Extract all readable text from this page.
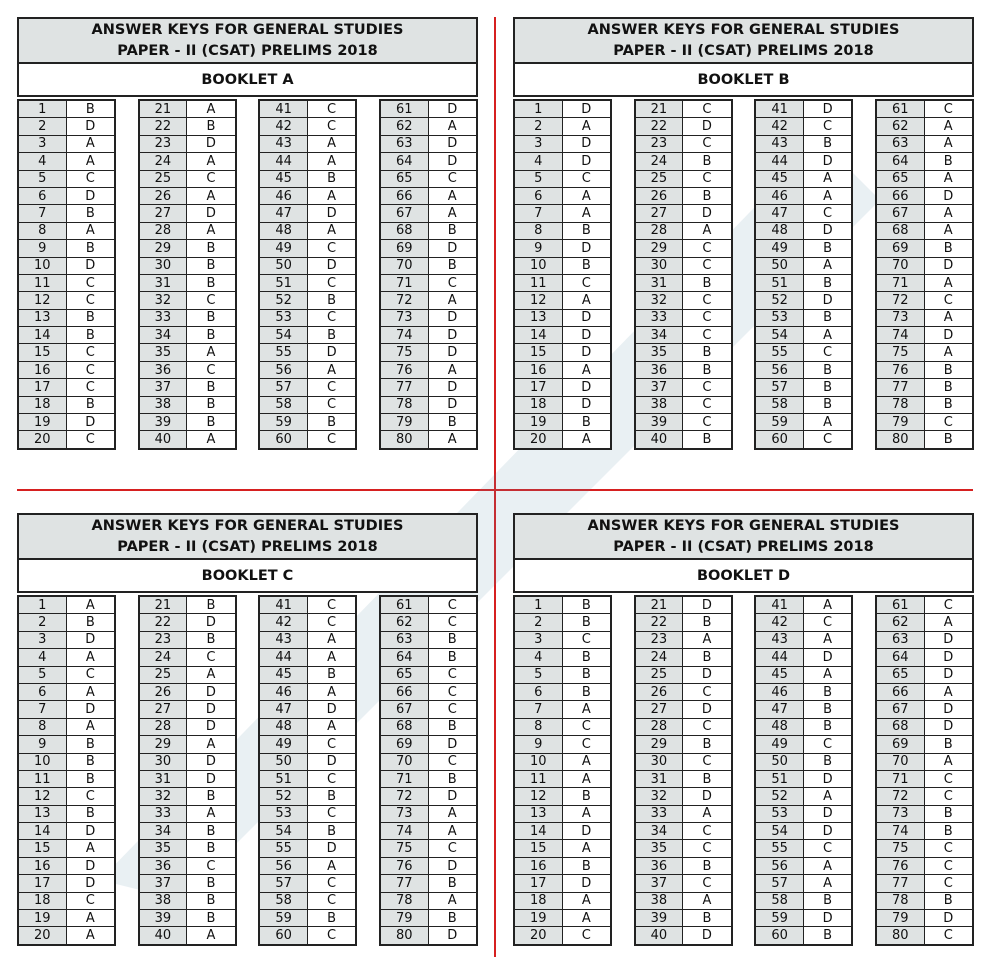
ANSWER KEYS FOR GENERAL STUDIES
PAPER - II (CSAT) PRELIMS 2018
BOOKLET A
1	B
2	D
3	A
4	A
5	C
6	D
7	B
8	A
9	B
10	D
11	C
12	C
13	B
14	B
15	C
16	C
17	C
18	B
19	D
20	C
21	A
22	B
23	D
24	A
25	C
26	A
27	D
28	A
29	B
30	B
31	B
32	C
33	B
34	B
35	A
36	C
37	B
38	B
39	B
40	A
41	C
42	C
43	A
44	A
45	B
46	A
47	D
48	A
49	C
50	D
51	C
52	B
53	C
54	B
55	D
56	A
57	C
58	C
59	B
60	C
61	D
62	A
63	D
64	D
65	C
66	A
67	A
68	B
69	D
70	B
71	C
72	A
73	D
74	D
75	D
76	A
77	D
78	D
79	B
80	A
ANSWER KEYS FOR GENERAL STUDIES
PAPER - II (CSAT) PRELIMS 2018
BOOKLET B
1	D
2	A
3	D
4	D
5	C
6	A
7	A
8	B
9	D
10	B
11	C
12	A
13	D
14	D
15	D
16	A
17	D
18	D
19	B
20	A
21	C
22	D
23	C
24	B
25	C
26	B
27	D
28	A
29	C
30	C
31	B
32	C
33	C
34	C
35	B
36	B
37	C
38	C
39	C
40	B
41	D
42	C
43	B
44	D
45	A
46	A
47	C
48	D
49	B
50	A
51	B
52	D
53	B
54	A
55	C
56	B
57	B
58	B
59	A
60	C
61	C
62	A
63	A
64	B
65	A
66	D
67	A
68	A
69	B
70	D
71	A
72	C
73	A
74	D
75	A
76	B
77	B
78	B
79	C
80	B
ANSWER KEYS FOR GENERAL STUDIES
PAPER - II (CSAT) PRELIMS 2018
BOOKLET C
1	A
2	B
3	D
4	A
5	C
6	A
7	D
8	A
9	B
10	B
11	B
12	C
13	B
14	D
15	A
16	D
17	D
18	C
19	A
20	A
21	B
22	D
23	B
24	C
25	A
26	D
27	D
28	D
29	A
30	D
31	D
32	B
33	A
34	B
35	B
36	C
37	B
38	B
39	B
40	A
41	C
42	C
43	A
44	A
45	B
46	A
47	D
48	A
49	C
50	D
51	C
52	B
53	C
54	B
55	D
56	A
57	C
58	C
59	B
60	C
61	C
62	C
63	B
64	B
65	C
66	C
67	C
68	B
69	D
70	C
71	B
72	D
73	A
74	A
75	C
76	D
77	B
78	A
79	B
80	D
ANSWER KEYS FOR GENERAL STUDIES
PAPER - II (CSAT) PRELIMS 2018
BOOKLET D
1	B
2	B
3	C
4	B
5	B
6	B
7	A
8	C
9	C
10	A
11	A
12	B
13	A
14	D
15	A
16	B
17	D
18	A
19	A
20	C
21	D
22	B
23	A
24	B
25	D
26	C
27	D
28	C
29	B
30	C
31	B
32	D
33	A
34	C
35	C
36	B
37	C
38	A
39	B
40	D
41	A
42	C
43	A
44	D
45	A
46	B
47	B
48	B
49	C
50	B
51	D
52	A
53	D
54	D
55	C
56	A
57	A
58	B
59	D
60	B
61	C
62	A
63	D
64	D
65	D
66	A
67	D
68	D
69	B
70	A
71	C
72	C
73	B
74	B
75	C
76	C
77	C
78	B
79	D
80	C
